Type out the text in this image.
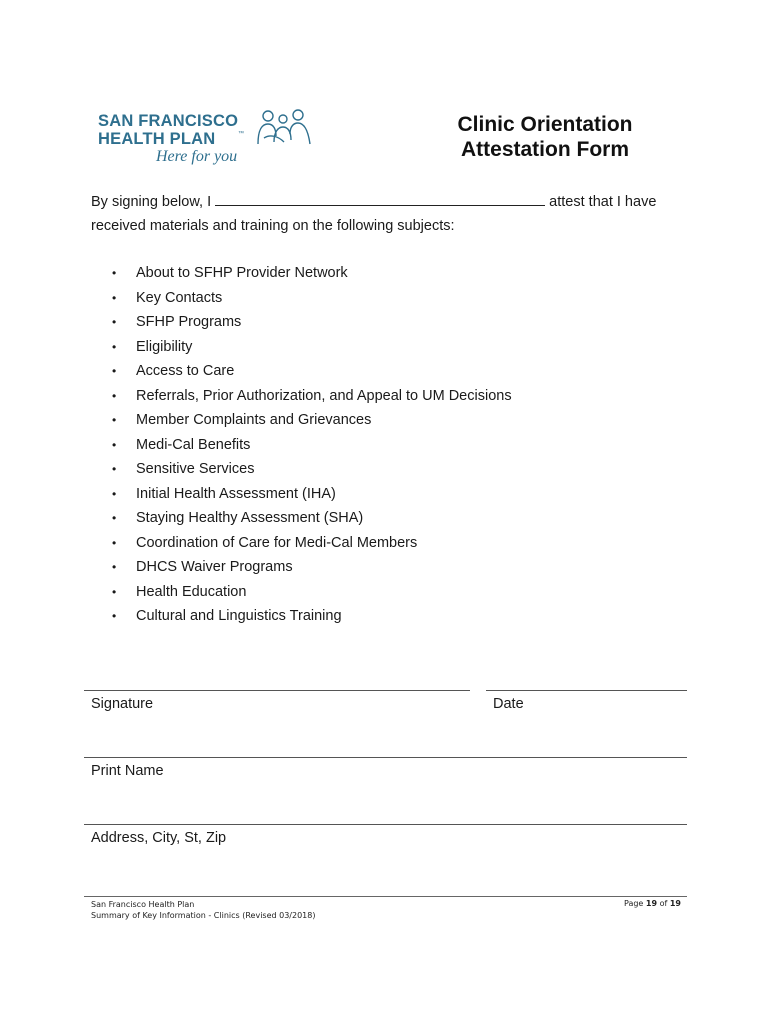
SAN FRANCISCO
HEALTH PLAN	™
Here for you
Clinic Orientation
Attestation Form
By signing below, I	attest that I have
received materials and training on the following subjects:
• About to SFHP Provider Network
• Key Contacts
• SFHP Programs
• Eligibility
• Access to Care
• Referrals, Prior Authorization, and Appeal to UM Decisions
• Member Complaints and Grievances
• Medi-Cal Benefits
• Sensitive Services
• Initial Health Assessment (IHA)
• Staying Healthy Assessment (SHA)
• Coordination of Care for Medi-Cal Members
• DHCS Waiver Programs
• Health Education
• Cultural and Linguistics Training
Signature	Date
Print Name
Address, City, St, Zip
San Francisco Health Plan
Summary of Key Information - Clinics (Revised 03/2018)
Page 19 of 19
